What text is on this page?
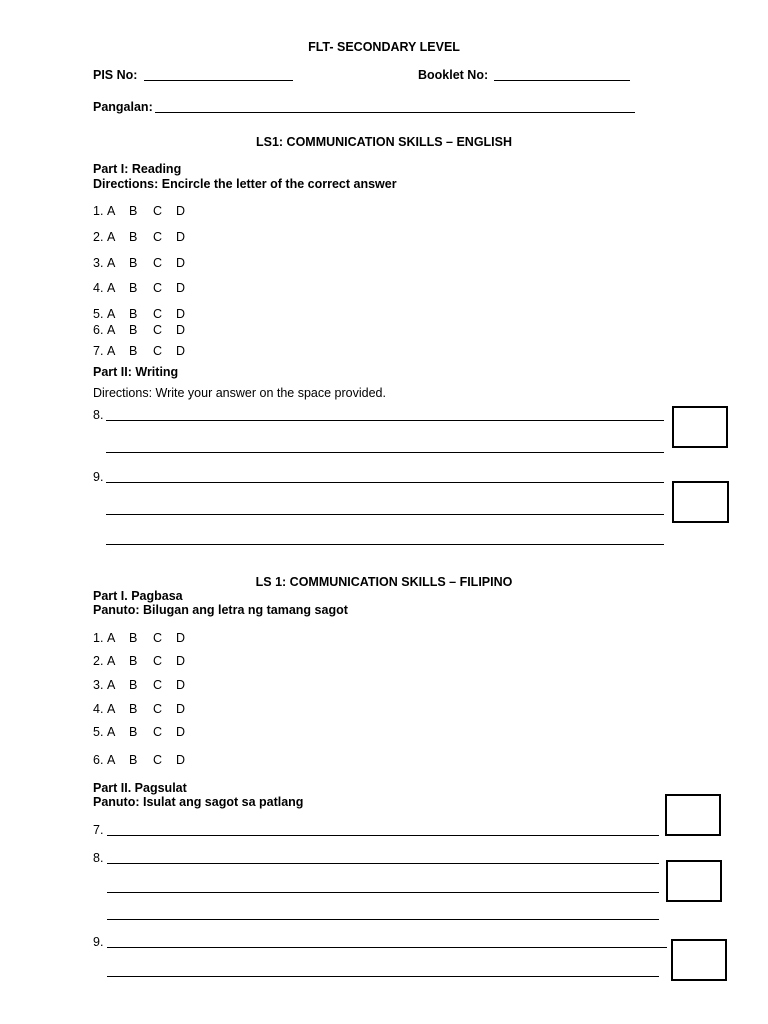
FLT- SECONDARY LEVEL
PIS No:	Booklet No:
Pangalan:
LS1: COMMUNICATION SKILLS – ENGLISH
Part I: Reading
Directions: Encircle the letter of the correct answer
1. A B C D
2. A B C D
3. A B C D
4. A B C D
5. A B C D
6. A B C D
7. A B C D
Part II: Writing
Directions: Write your answer on the space provided.
8.
9.
LS 1: COMMUNICATION SKILLS – FILIPINO
Part I. Pagbasa
Panuto: Bilugan ang letra ng tamang sagot
1. A B C D
2. A B C D
3. A B C D
4. A B C D
5. A B C D
6. A B C D
Part II. Pagsulat
Panuto: Isulat ang sagot sa patlang
7.
8.
9.
